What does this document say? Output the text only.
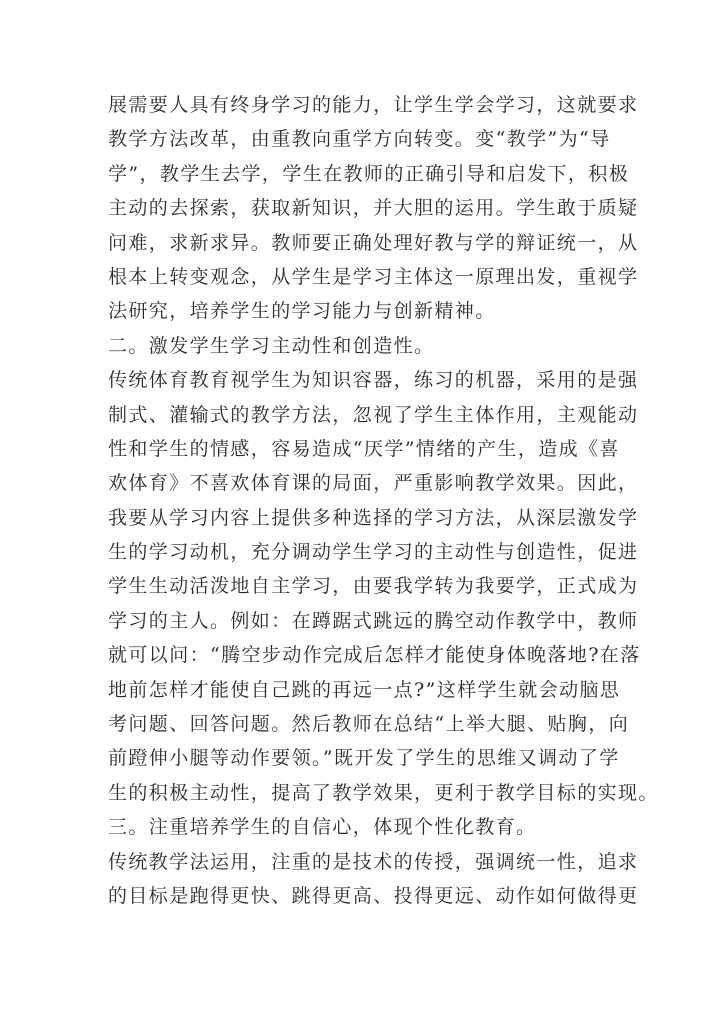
展需要人具有终身学习的能力，让学生学会学习，这就要求
教学方法改革，由重教向重学方向转变。变“教学”为“导
学”，教学生去学，学生在教师的正确引导和启发下，积极
主动的去探索，获取新知识，并大胆的运用。学生敢于质疑
问难，求新求异。教师要正确处理好教与学的辩证统一，从
根本上转变观念，从学生是学习主体这一原理出发，重视学
法研究，培养学生的学习能力与创新精神。
二。激发学生学习主动性和创造性。
传统体育教育视学生为知识容器，练习的机器，采用的是强
制式、灌输式的教学方法，忽视了学生主体作用，主观能动
性和学生的情感，容易造成“厌学”情绪的产生，造成《喜
欢体育》不喜欢体育课的局面，严重影响教学效果。因此，
我要从学习内容上提供多种选择的学习方法，从深层激发学
生的学习动机，充分调动学生学习的主动性与创造性，促进
学生生动活泼地自主学习，由要我学转为我要学，正式成为
学习的主人。例如：在蹲踞式跳远的腾空动作教学中，教师
就可以问：“腾空步动作完成后怎样才能使身体晚落地?在落
地前怎样才能使自己跳的再远一点?”这样学生就会动脑思
考问题、回答问题。然后教师在总结“上举大腿、贴胸，向
前蹬伸小腿等动作要领。”既开发了学生的思维又调动了学
生的积极主动性，提高了教学效果，更利于教学目标的实现。
三。注重培养学生的自信心，体现个性化教育。
传统教学法运用，注重的是技术的传授，强调统一性，追求
的目标是跑得更快、跳得更高、投得更远、动作如何做得更
